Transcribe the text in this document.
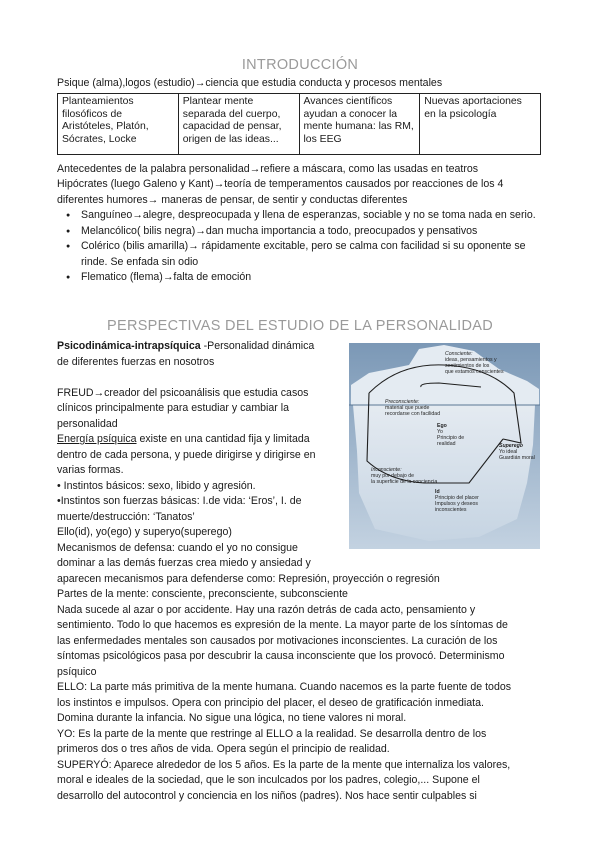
INTRODUCCIÓN
Psique (alma),logos (estudio)→ciencia que estudia conducta y procesos mentales
Planteamientos filosóficos de Aristóteles, Platón, Sócrates, Locke	Plantear mente separada del cuerpo, capacidad de pensar, origen de las ideas...	Avances científicos ayudan a conocer la mente humana: las RM, los EEG	Nuevas aportaciones en la psicología
Antecedentes de la palabra personalidad→refiere a máscara, como las usadas en teatros
Hipócrates (luego Galeno y Kant)→teoría de temperamentos causados por reacciones de los 4
diferentes humores→ maneras de pensar, de sentir y conductas diferentes
● Sanguíneo→alegre, despreocupada y llena de esperanzas, sociable y no se toma nada en serio.
● Melancólico( bilis negra)→dan mucha importancia a todo, preocupados y pensativos
● Colérico (bilis amarilla)→ rápidamente excitable, pero se calma con facilidad si su oponente se rinde. Se enfada sin odio
● Flematico (flema)→falta de emoción
PERSPECTIVAS DEL ESTUDIO DE LA PERSONALIDAD
Psicodinámica-intrapsíquica -Personalidad dinámica
de diferentes fuerzas en nosotros
FREUD→creador del psicoanálisis que estudia casos
clínicos principalmente para estudiar y cambiar la
personalidad
Energía psíquica existe en una cantidad fija y limitada
dentro de cada persona, y puede dirigirse y dirigirse en
varias formas.
• Instintos básicos: sexo, libido y agresión.
•Instintos son fuerzas básicas: I.de vida: ‘Eros’, I. de
muerte/destrucción: ‘Tanatos’
Ello(id), yo(ego) y superyo(superego)
Mecanismos de defensa: cuando el yo no consigue
dominar a las demás fuerzas crea miedo y ansiedad y
aparecen mecanismos para defenderse como: Represión, proyección o regresión
Partes de la mente: consciente, preconsciente, subconsciente
Nada sucede al azar o por accidente. Hay una razón detrás de cada acto, pensamiento y
sentimiento. Todo lo que hacemos es expresión de la mente. La mayor parte de los síntomas de
las enfermedades mentales son causados por motivaciones inconscientes. La curación de los
síntomas psicológicos pasa por descubrir la causa inconsciente que los provocó. Determinismo
psíquico
ELLO: La parte más primitiva de la mente humana. Cuando nacemos es la parte fuente de todos
los instintos e impulsos. Opera con principio del placer, el deseo de gratificación inmediata.
Domina durante la infancia. No sigue una lógica, no tiene valores ni moral.
YO: Es la parte de la mente que restringe al ELLO a la realidad. Se desarrolla dentro de los
primeros dos o tres años de vida. Opera según el principio de realidad.
SUPERYÓ: Aparece alrededor de los 5 años. Es la parte de la mente que internaliza los valores,
moral e ideales de la sociedad, que le son inculcados por los padres, colegio,... Supone el
desarrollo del autocontrol y conciencia en los niños (padres). Nos hace sentir culpables si
Consciente:
ideas, pensamientos y
sentimientos de los
que estamos conscientes
Preconsciente:
material que puede
recordarse con facilidad
Ego
Yo
Principio de
realidad	Superego
Yo ideal
Guardián moral
Inconsciente:
muy por debajo de
la superficie de la conciencia
Id
Principio del placer
Impulsos y deseos
inconscientes
